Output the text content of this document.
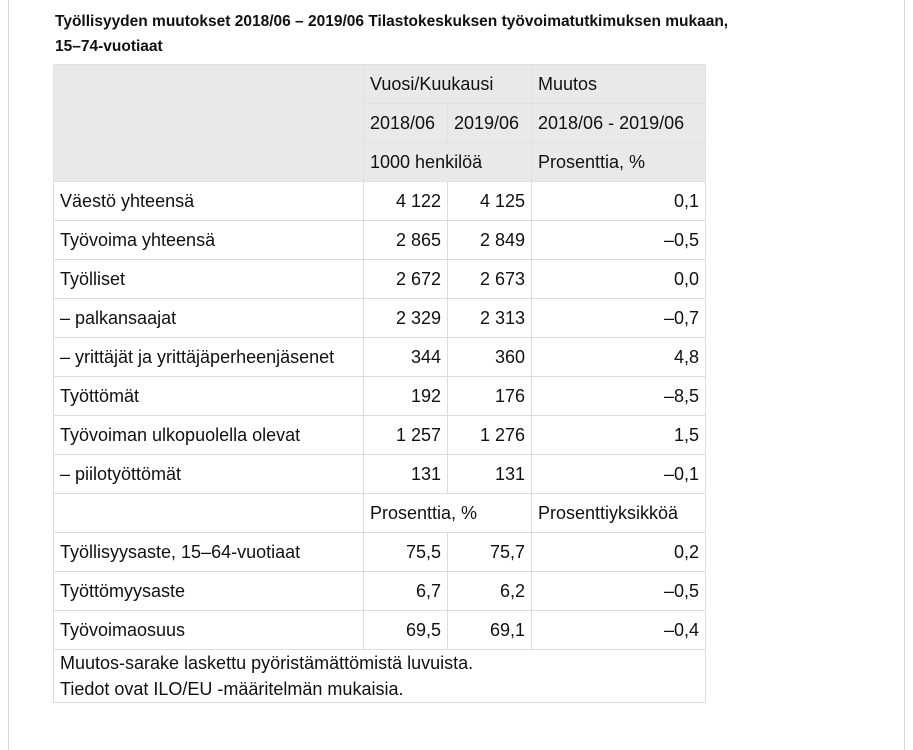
Työllisyyden muutokset 2018/06 – 2019/06 Tilastokeskuksen työvoimatutkimuksen mukaan,
15–74-vuotiaat
	Vuosi/Kuukausi		Muutos
	2018/06	2019/06	2018/06 - 2019/06
	1000 henkilöä		Prosenttia, %
Väestö yhteensä	4 122	4 125	0,1
Työvoima yhteensä	2 865	2 849	–0,5
Työlliset	2 672	2 673	0,0
– palkansaajat	2 329	2 313	–0,7
– yrittäjät ja yrittäjäperheenjäsenet	344	360	4,8
Työttömät	192	176	–8,5
Työvoiman ulkopuolella olevat	1 257	1 276	1,5
– piilotyöttömät	131	131	–0,1
	Prosenttia, %		Prosenttiyksikköä
Työllisyysaste, 15–64-vuotiaat	75,5	75,7	0,2
Työttömyysaste	6,7	6,2	–0,5
Työvoimaosuus	69,5	69,1	–0,4
Muutos-sarake laskettu pyöristämättömistä luvuista.
Tiedot ovat ILO/EU -määritelmän mukaisia.			
